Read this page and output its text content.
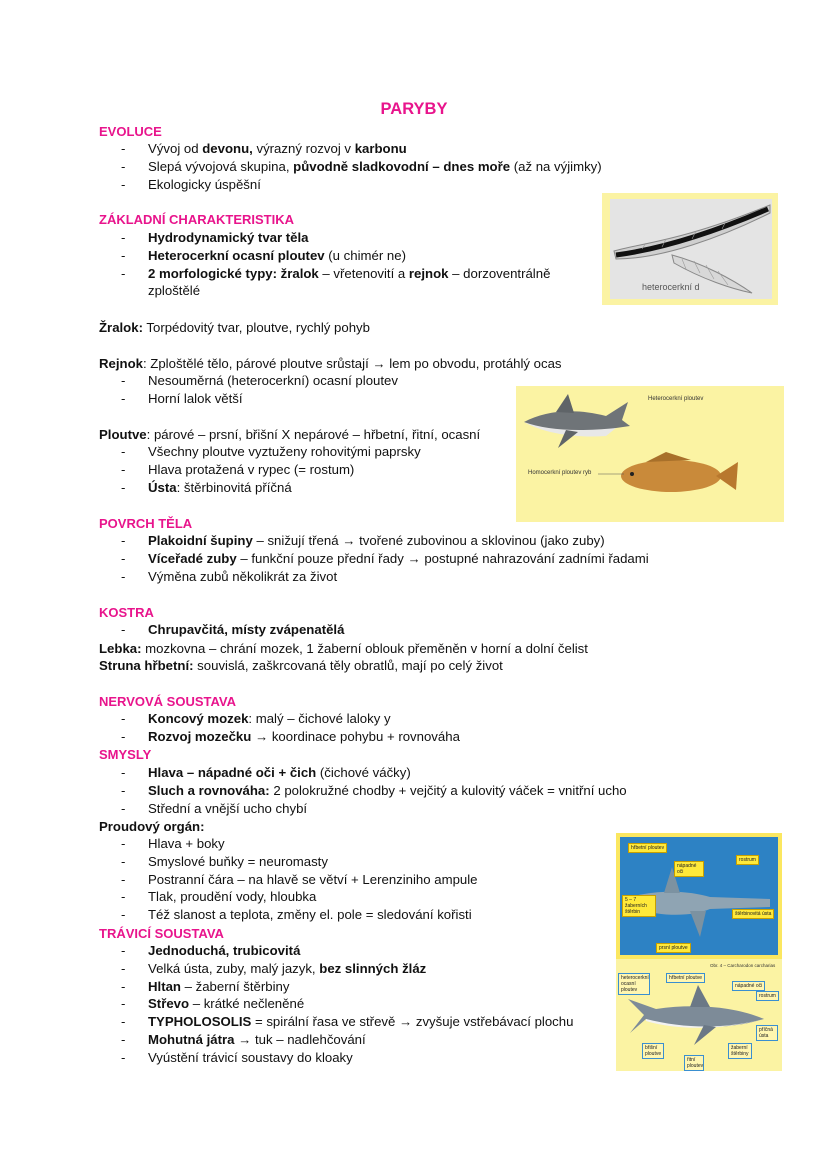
PARYBY
EVOLUCE
- Vývoj od devonu, výrazný rozvoj v karbonu
- Slepá vývojová skupina, původně sladkovodní – dnes moře (až na výjimky)
- Ekologicky úspěšní
ZÁKLADNÍ CHARAKTERISTIKA
- Hydrodynamický tvar těla
- Heterocerkní ocasní ploutev (u chimér ne)
- 2 morfologické typy: žralok – vřetenovití a rejnok – dorzoventrálně zploštělé
Žralok: Torpédovitý tvar, ploutve, rychlý pohyb
Rejnok: Zploštělé tělo, párové ploutve srůstají → lem po obvodu, protáhlý ocas
- Nesouměrná (heterocerkní) ocasní ploutev
- Horní lalok větší
Ploutve: párové – prsní, břišní X nepárové – hřbetní, řitní, ocasní
- Všechny ploutve vyztuženy rohovitými paprsky
- Hlava protažená v rypec (= rostum)
- Ústa: štěrbinovitá příčná
POVRCH TĚLA
- Plakoidní šupiny – snižují třená → tvořené zubovinou a sklovinou (jako zuby)
- Víceřadé zuby – funkční pouze přední řady → postupné nahrazování zadními řadami
- Výměna zubů několikrát za život
KOSTRA
- Chrupavčitá, místy zvápenatělá
Lebka: mozkovna – chrání mozek, 1 žaberní oblouk přeměněn v horní a dolní čelist
Struna hřbetní: souvislá, zaškrcovaná těly obratlů, mají po celý život
NERVOVÁ SOUSTAVA
- Koncový mozek: malý – čichové laloky y
- Rozvoj mozečku → koordinace pohybu + rovnováha
SMYSLY
- Hlava – nápadné oči + čich (čichové váčky)
- Sluch a rovnováha: 2 polokružné chodby + vejčitý a kulovitý váček = vnitřní ucho
- Střední a vnější ucho chybí
Proudový orgán:
- Hlava + boky
- Smyslové buňky = neuromasty
- Postranní čára – na hlavě se větví + Lerenziniho ampule
- Tlak, proudění vody, hloubka
- Též slanost a teplota, změny el. pole = sledování kořisti
TRÁVICÍ SOUSTAVA
- Jednoduchá, trubicovitá
- Velká ústa, zuby, malý jazyk, bez slinných žláz
- Hltan – žaberní štěrbiny
- Střevo – krátké nečleněné
- TYPHOLOSOLIS = spirální řasa ve střevě → zvyšuje vstřebávací plochu
- Mohutná játra → tuk – nadlehčování
- Vyústění trávicí soustavy do kloaky
heterocerkní d
Heterocerkní ploutev
Homocerkní ploutev ryb
hřbetní ploutev
nápadné oči
rostrum
5 – 7 žaberních štěrbin	štěrbinovitá ústa
prsní ploutve
Obr. 4 – Carcharodon carcharias
heterocerkní ocasní ploutev
hřbetní ploutve
nápadné oči
rostrum
břišní ploutve
řitní ploutev
žaberní štěrbiny
příčná ústa
